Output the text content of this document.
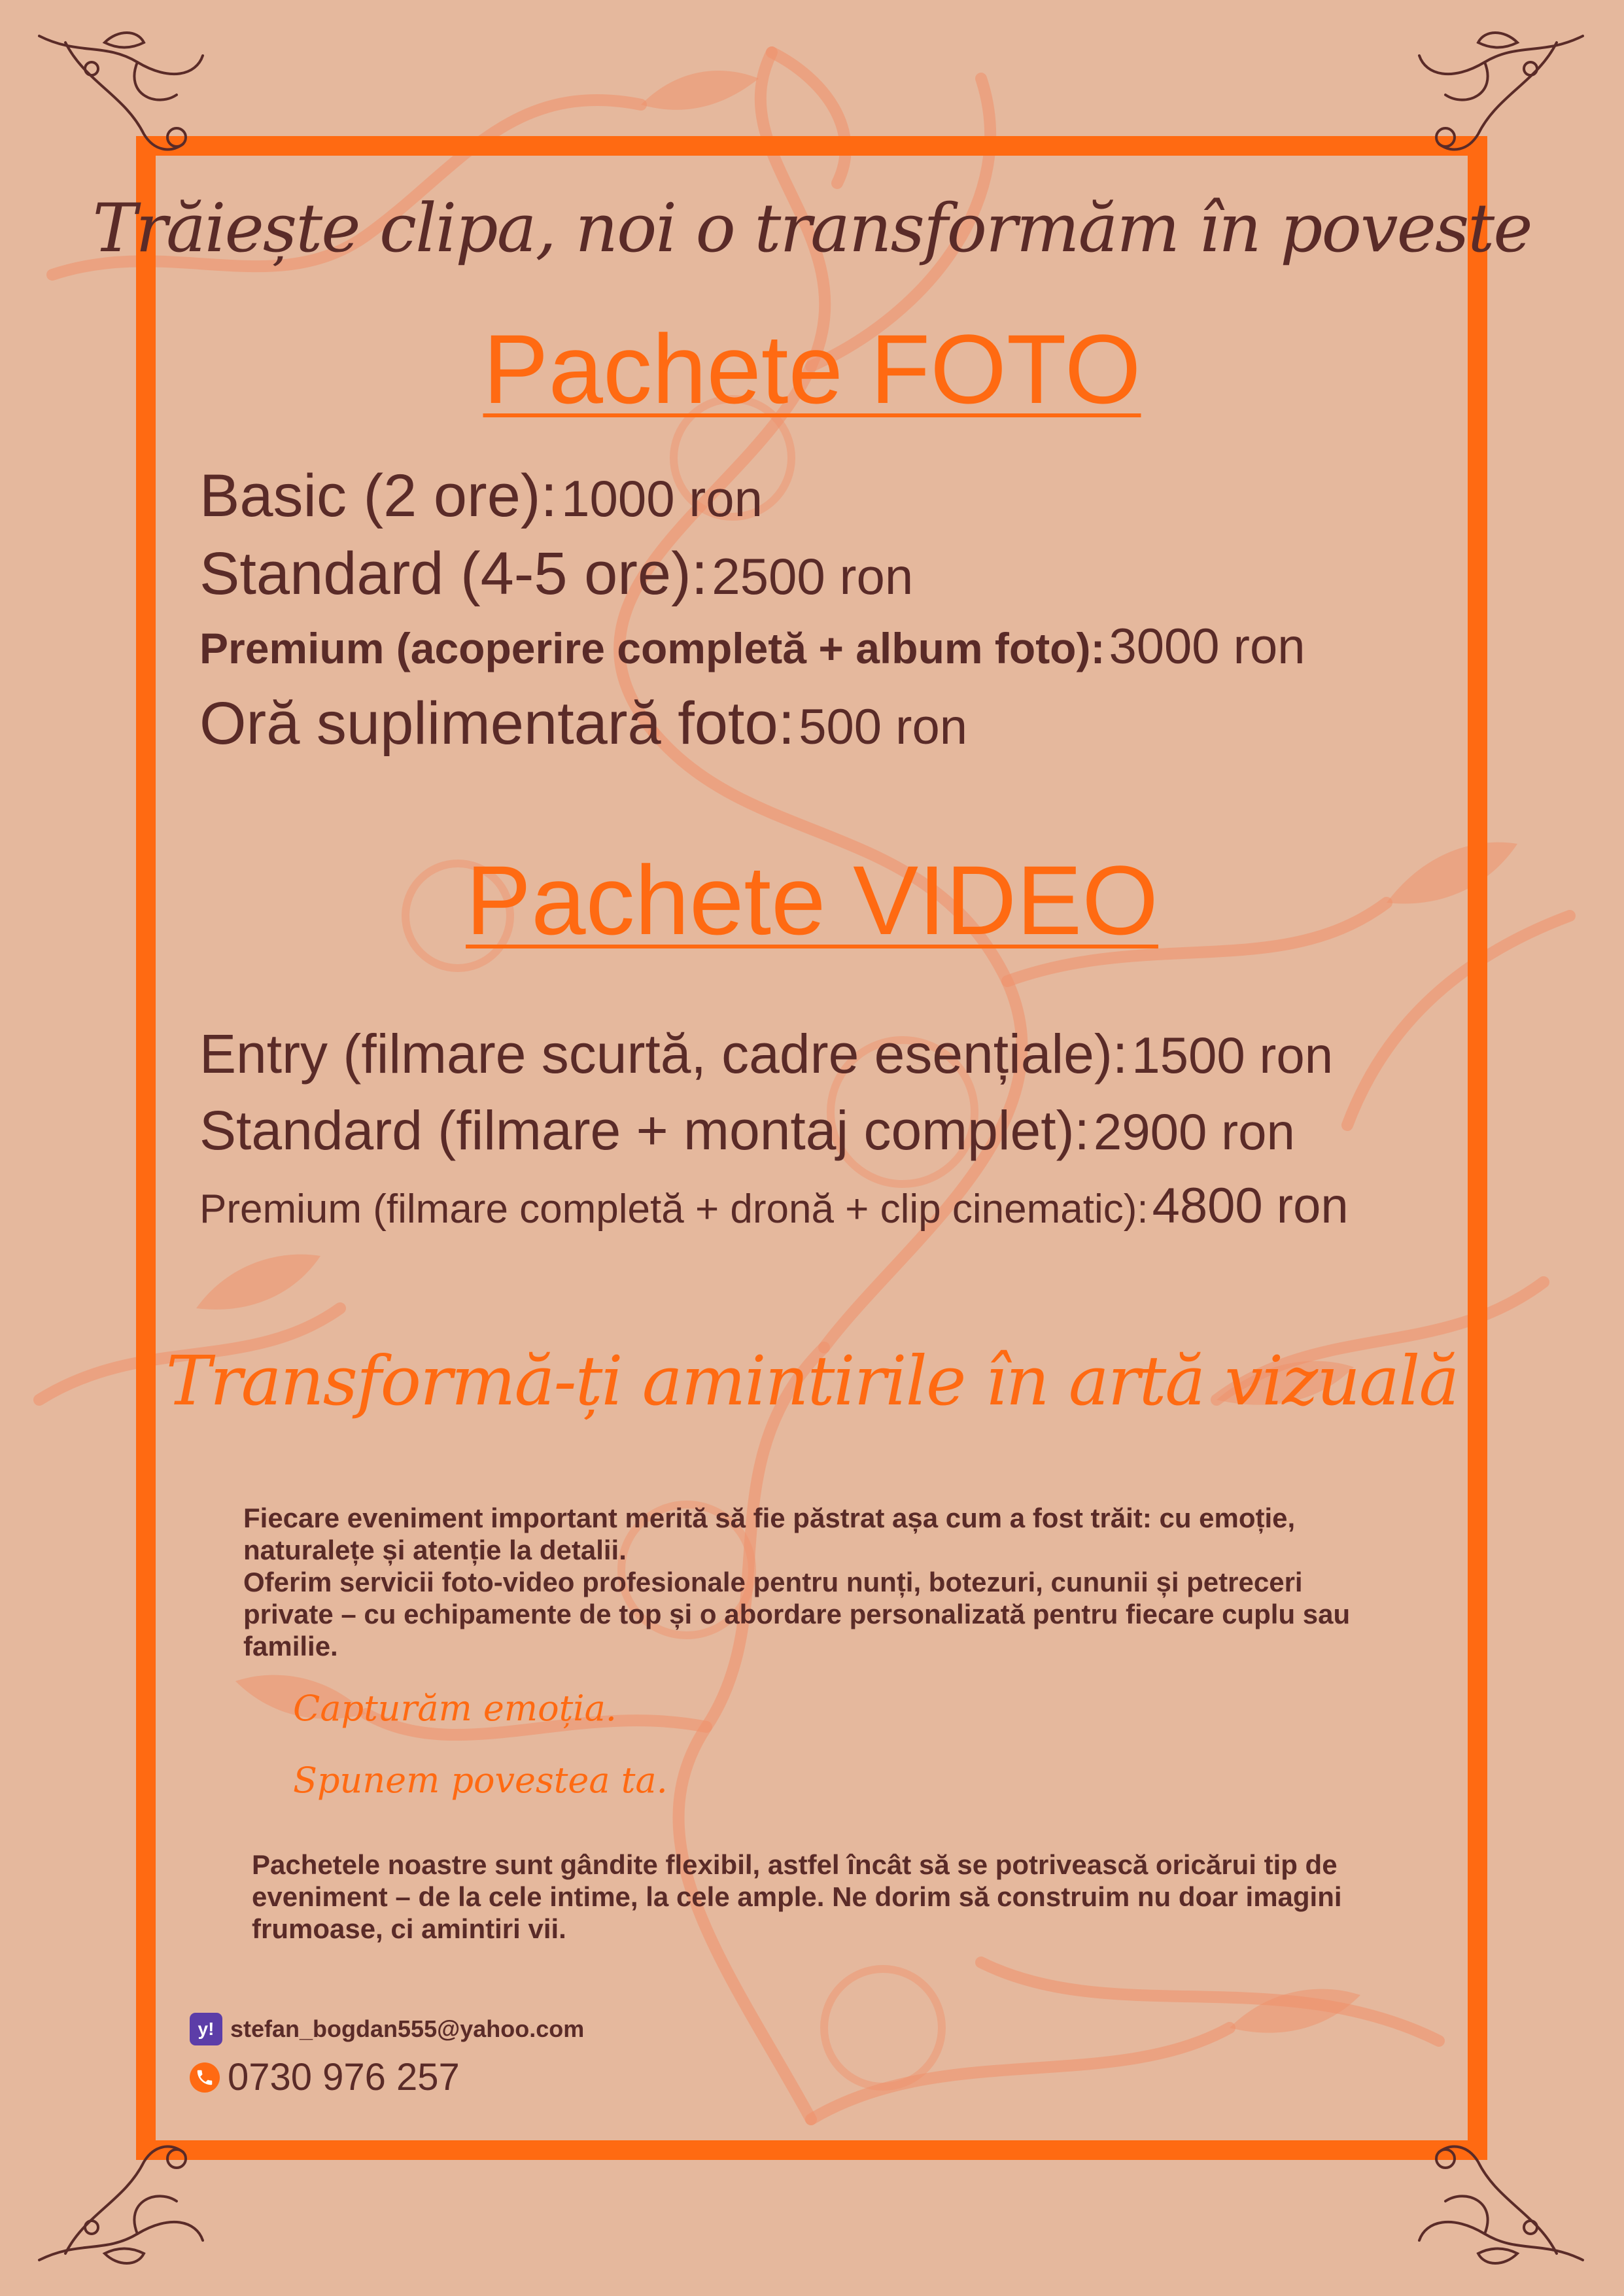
Trăiește clipa, noi o transformăm în poveste
Pachete FOTO
Basic (2 ore):1000 ron
Standard (4-5 ore):2500 ron
Premium (acoperire completă + album foto):3000 ron
Oră suplimentară foto:500 ron
Pachete VIDEO
Entry (filmare scurtă, cadre esențiale):1500 ron
Standard (filmare + montaj complet):2900 ron
Premium (filmare completă + dronă + clip cinematic):4800 ron
Transformă-ți amintirile în artă vizuală

Fiecare eveniment important merită să fie păstrat așa cum a fost trăit: cu emoție, naturalețe și atenție la detalii.

Oferim servicii foto-video profesionale pentru nunți, botezuri, cununii și petreceri private – cu echipamente de top și o abordare personalizată pentru fiecare cuplu sau familie.

Capturăm emoția.
Spunem povestea ta.

Pachetele noastre sunt gândite flexibil, astfel încât să se potrivească oricărui tip de eveniment – de la cele intime, la cele ample. Ne dorim să construim nu doar imagini frumoase, ci amintiri vii.

y! stefan_bogdan555@yahoo.com
0730 976 257
